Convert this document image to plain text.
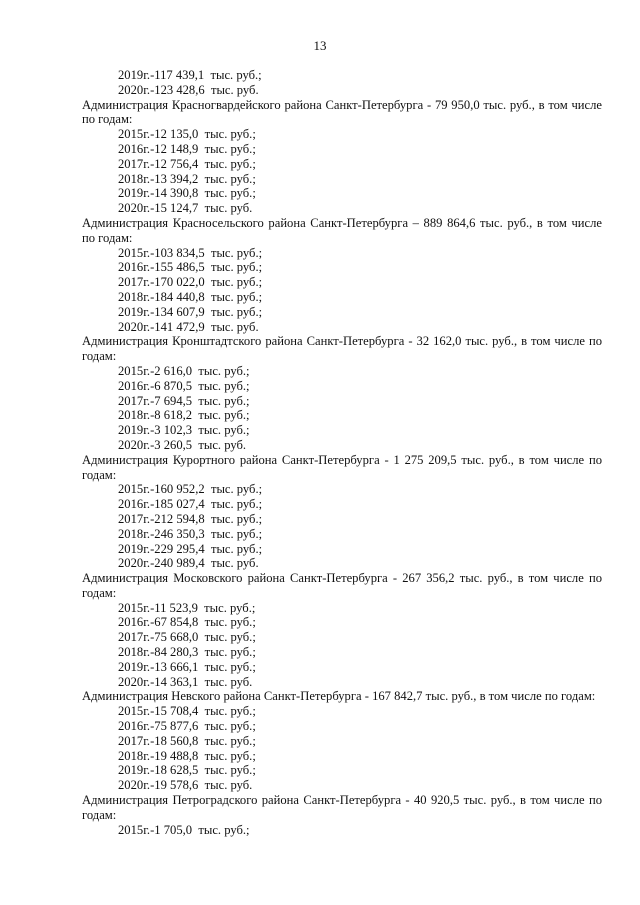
13
2019г.-117 439,1  тыс. руб.;
2020г.-123 428,6  тыс. руб.
Администрация Красногвардейского района Санкт-Петербурга - 79 950,0 тыс. руб., в том числе по годам:
2015г.-12 135,0  тыс. руб.;
2016г.-12 148,9  тыс. руб.;
2017г.-12 756,4  тыс. руб.;
2018г.-13 394,2  тыс. руб.;
2019г.-14 390,8  тыс. руб.;
2020г.-15 124,7  тыс. руб.
Администрация Красносельского района Санкт-Петербурга – 889 864,6 тыс. руб., в том числе по годам:
2015г.-103 834,5  тыс. руб.;
2016г.-155 486,5  тыс. руб.;
2017г.-170 022,0  тыс. руб.;
2018г.-184 440,8  тыс. руб.;
2019г.-134 607,9  тыс. руб.;
2020г.-141 472,9  тыс. руб.
Администрация Кронштадтского района Санкт-Петербурга - 32 162,0 тыс. руб., в том числе по годам:
2015г.-2 616,0  тыс. руб.;
2016г.-6 870,5  тыс. руб.;
2017г.-7 694,5  тыс. руб.;
2018г.-8 618,2  тыс. руб.;
2019г.-3 102,3  тыс. руб.;
2020г.-3 260,5  тыс. руб.
Администрация Курортного района Санкт-Петербурга - 1 275 209,5 тыс. руб., в том числе по годам:
2015г.-160 952,2  тыс. руб.;
2016г.-185 027,4  тыс. руб.;
2017г.-212 594,8  тыс. руб.;
2018г.-246 350,3  тыс. руб.;
2019г.-229 295,4  тыс. руб.;
2020г.-240 989,4  тыс. руб.
Администрация Московского района Санкт-Петербурга - 267 356,2 тыс. руб., в том числе по годам:
2015г.-11 523,9  тыс. руб.;
2016г.-67 854,8  тыс. руб.;
2017г.-75 668,0  тыс. руб.;
2018г.-84 280,3  тыс. руб.;
2019г.-13 666,1  тыс. руб.;
2020г.-14 363,1  тыс. руб.
Администрация Невского района Санкт-Петербурга - 167 842,7 тыс. руб., в том числе по годам:
2015г.-15 708,4  тыс. руб.;
2016г.-75 877,6  тыс. руб.;
2017г.-18 560,8  тыс. руб.;
2018г.-19 488,8  тыс. руб.;
2019г.-18 628,5  тыс. руб.;
2020г.-19 578,6  тыс. руб.
Администрация Петроградского района Санкт-Петербурга - 40 920,5 тыс. руб., в том числе по годам:
2015г.-1 705,0  тыс. руб.;
